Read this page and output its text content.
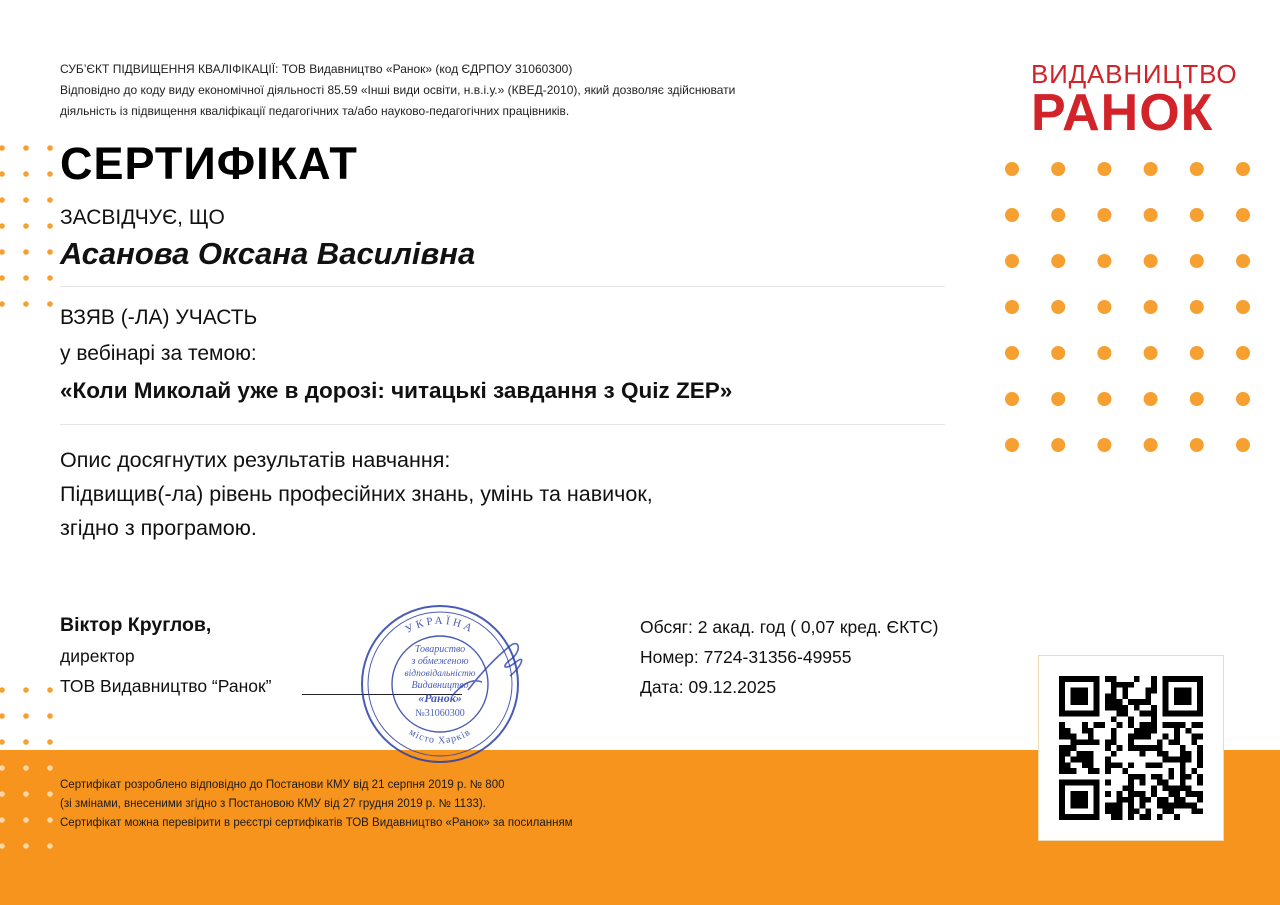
СУБ’ЄКТ ПІДВИЩЕННЯ КВАЛІФІКАЦІЇ: ТОВ Видавництво «Ранок» (код ЄДРПОУ 31060300)
Відповідно до коду виду економічної діяльності 85.59 «Інші види освіти, н.в.і.у.» (КВЕД-2010), який дозволяє здійснювати
діяльність із підвищення кваліфікації педагогічних та/або науково-педагогічних працівників.
ВИДАВНИЦТВО
РАНОК
СЕРТИФІКАТ
ЗАСВІДЧУЄ, ЩО
Асанова Оксана Василівна
ВЗЯВ (-ЛА) УЧАСТЬ
у вебінарі за темою:
«Коли Миколай уже в дорозі: читацькі завдання з Quiz ZEP»
Опис досягнутих результатів навчання:
Підвищив(-ла) рівень професійних знань, умінь та навичок,
згідно з програмою.
Віктор Круглов,
директор
ТОВ Видавництво “Ранок”
УКРАЇНА
місто Харків
Товариство
з обмеженою
відповідальністю
Видавництво
«Ранок»
№31060300
Обсяг: 2 акад. год ( 0,07 кред. ЄКТС)
Номер: 7724-31356-49955
Дата: 09.12.2025
Сертифікат розроблено відповідно до Постанови КМУ від 21 серпня 2019 р. № 800
(зі змінами, внесеними згідно з Постановою КМУ від 27 грудня 2019 р. № 1133).
Сертифікат можна перевірити в реєстрі сертифікатів ТОВ Видавництво «Ранок» за посиланням
